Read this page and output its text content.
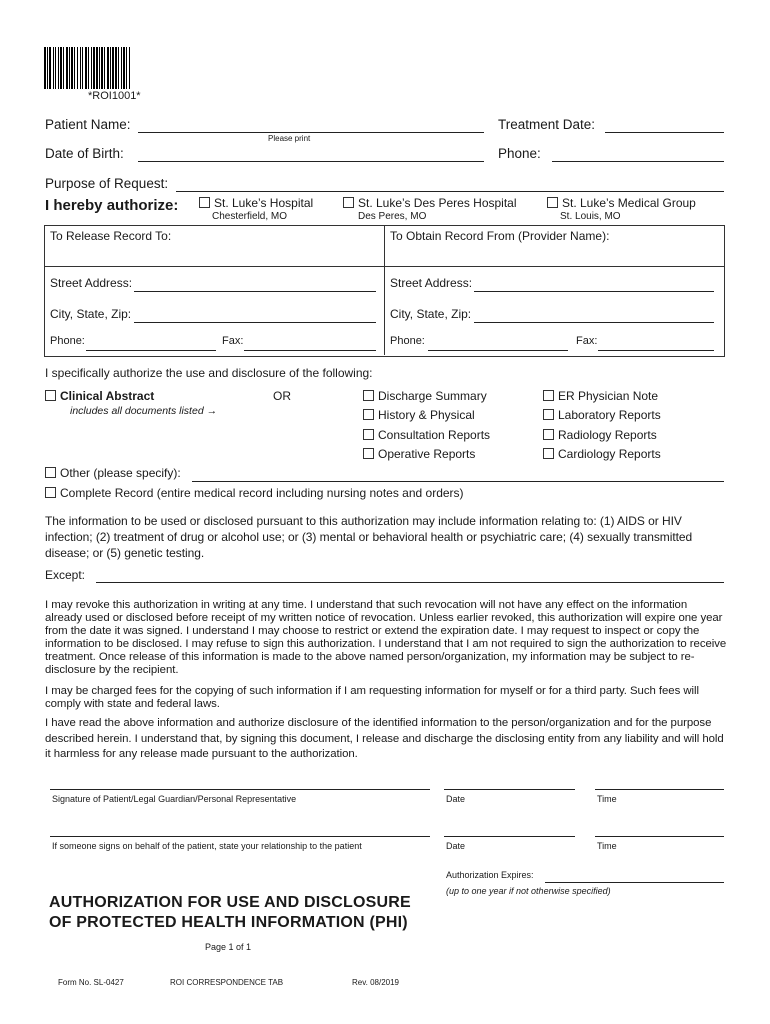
*ROI1001*
Patient Name:
Please print
Treatment Date:
Date of Birth:	Phone:
Purpose of Request:
I hereby authorize:	St. Luke’s Hospital
Chesterfield, MO
St. Luke’s Des Peres Hospital
Des Peres, MO
St. Luke’s Medical Group
St. Louis, MO
To Release Record To:	To Obtain Record From (Provider Name):
Street Address:	Street Address:
City, State, Zip:	City, State, Zip:
Phone:	Fax:	Phone:	Fax:
I specifically authorize the use and disclosure of the following:
Clinical Abstract
includes all documents listed →
OR	Discharge Summary
History & Physical
Consultation Reports
Operative Reports
ER Physician Note
Laboratory Reports
Radiology Reports
Cardiology Reports
Other (please specify):
Complete Record (entire medical record including nursing notes and orders)
The information to be used or disclosed pursuant to this authorization may include information relating to: (1) AIDS or HIV infection; (2) treatment of drug or alcohol use; or (3) mental or behavioral health or psychiatric care; (4) sexually transmitted disease; or (5) genetic testing.
Except:
I may revoke this authorization in writing at any time. I understand that such revocation will not have any effect on the information already used or disclosed before receipt of my written notice of revocation. Unless earlier revoked, this authorization will expire one year from the date it was signed. I understand I may choose to restrict or extend the expiration date. I may request to inspect or copy the information to be disclosed. I may refuse to sign this authorization. I understand that I am not required to sign the authorization to receive treatment. Once release of this information is made to the above named person/organization, my information may be subject to re-disclosure by the recipient.
I may be charged fees for the copying of such information if I am requesting information for myself or for a third party. Such fees will comply with state and federal laws.
I have read the above information and authorize disclosure of the identified information to the person/organization and for the purpose described herein. I understand that, by signing this document, I release and discharge the disclosing entity from any liability and will hold it harmless for any release made pursuant to the authorization.
Signature of Patient/Legal Guardian/Personal Representative	Date	Time
If someone signs on behalf of the patient, state your relationship to the patient	Date	Time
Authorization Expires:
(up to one year if not otherwise specified)
AUTHORIZATION FOR USE AND DISCLOSURE
OF PROTECTED HEALTH INFORMATION (PHI)
Page 1 of 1
Form No. SL-0427	ROI CORRESPONDENCE TAB	Rev. 08/2019
